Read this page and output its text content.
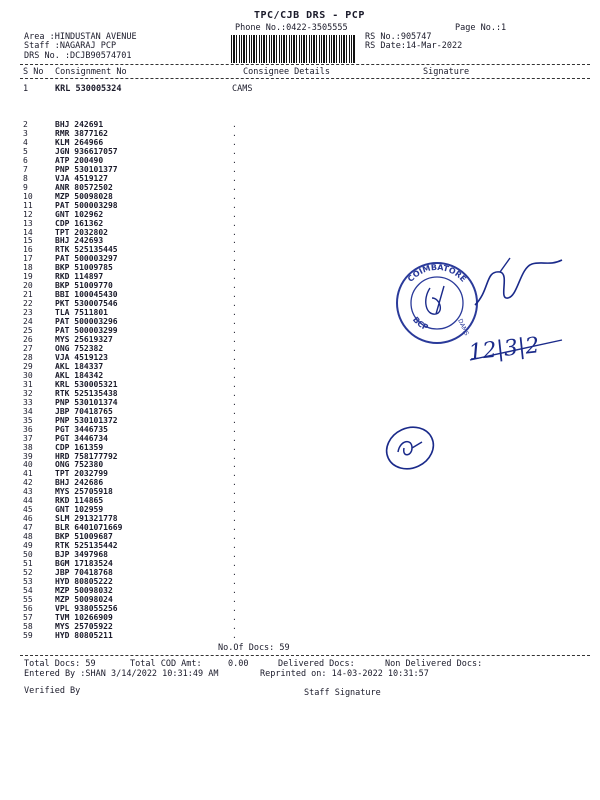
TPC/CJB DRS - PCP
Phone No.:0422-3505555	Page No.:1
Area :HINDUSTAN AVENUE
Staff :NAGARAJ PCP
DRS No. :DCJB90574701
RS No.:905747
RS Date:14-Mar-2022
S No Consignment No	Consignee Details	Signature
1	KRL 530005324	CAMS
2	BHJ 242691	.
3	RMR 3877162	.
4	KLM 264966	.
5	JGN 936617057	.
6	ATP 200490	.
7	PNP 530101377	.
8	VJA 4519127	.
9	ANR 80572502	.
10	MZP 50098028	.
11	PAT 500003298	.
12	GNT 102962	.
13	CDP 161362	.
14	TPT 2032802	.
15	BHJ 242693	.
16	RTK 525135445	.
17	PAT 500003297	.
18	BKP 51009785	.
19	RKD 114897	.
20	BKP 51009770	.
21	BBI 100045430	.
22	PKT 530007546	.
23	TLA 7511801	.
24	PAT 500003296	.
25	PAT 500003299	.
26	MYS 25619327	.
27	ONG 752382	.
28	VJA 4519123	.
29	AKL 184337	.
30	AKL 184342	.
31	KRL 530005321	.
32	RTK 525135438	.
33	PNP 530101374	.
34	JBP 70418765	.
35	PNP 530101372	.
36	PGT 3446735	.
37	PGT 3446734	.
38	CDP 161359	.
39	HRD 758177792	.
40	ONG 752380	.
41	TPT 2032799	.
42	BHJ 242686	.
43	MYS 25705918	.
44	RKD 114865	.
45	GNT 102959	.
46	SLM 291321778	.
47	BLR 6401071669	.
48	BKP 51009687	.
49	RTK 525135442	.
50	BJP 3497968	.
51	BGM 17183524	.
52	JBP 70418768	.
53	HYD 80805222	.
54	MZP 50098032	.
55	MZP 50098024	.
56	VPL 938055256	.
57	TVM 10266909	.
58	MYS 25705922	.
59	HYD 80805211	.
No.Of Docs: 59
Total Docs: 59	Total COD Amt:	0.00	Delivered Docs:	Non Delivered Docs:
Entered By :SHAN 3/14/2022 10:31:49 AM	Reprinted on: 14-03-2022 10:31:57
Verified By	Staff Signature
COIMBATORE
BCP	DAMS
12|3|2
